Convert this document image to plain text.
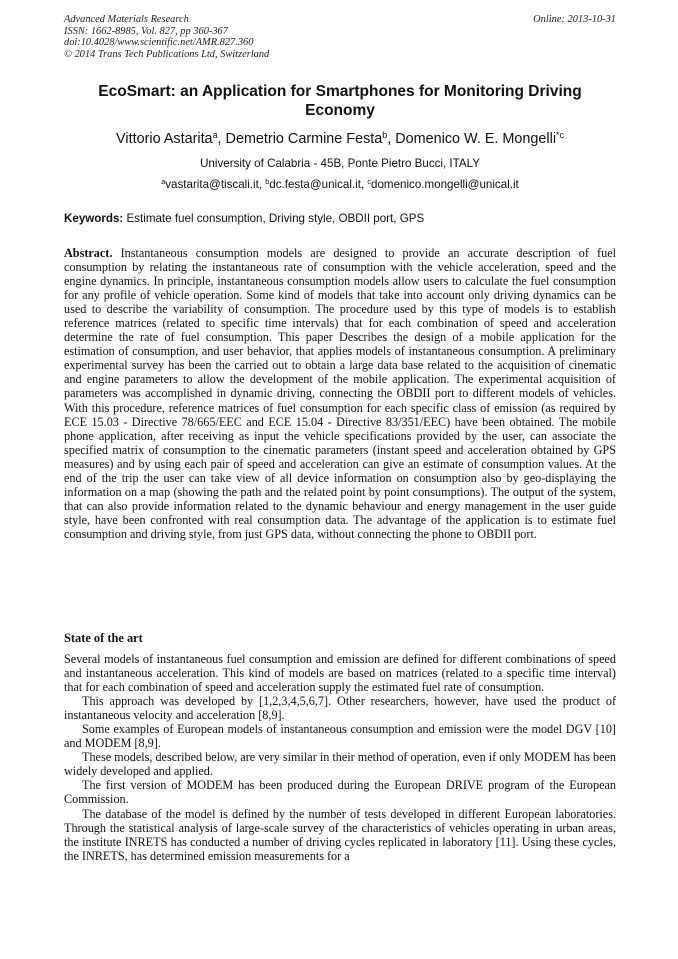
Advanced Materials Research
ISSN: 1662-8985, Vol. 827, pp 360-367
doi:10.4028/www.scientific.net/AMR.827.360
© 2014 Trans Tech Publications Ltd, Switzerland
Online: 2013-10-31
EcoSmart: an Application for Smartphones for Monitoring Driving Economy
Vittorio Astarita$^a$, Demetrio Carmine Festa$^b$, Domenico W. E. Mongelli$^{*c}$
University of Calabria - 45B, Ponte Pietro Bucci, ITALY
$^a$vastarita@tiscali.it, $^b$dc.festa@unical.it, $^c$domenico.mongelli@unical.it
Keywords: Estimate fuel consumption, Driving style, OBDII port, GPS
Abstract. Instantaneous consumption models are designed to provide an accurate description of fuel consumption by relating the instantaneous rate of consumption with the vehicle acceleration, speed and the engine dynamics. In principle, instantaneous consumption models allow users to calculate the fuel consumption for any profile of vehicle operation. Some kind of models that take into account only driving dynamics can be used to describe the variability of consumption. The procedure used by this type of models is to establish reference matrices (related to specific time intervals) that for each combination of speed and acceleration determine the rate of fuel consumption. This paper Describes the design of a mobile application for the estimation of consumption, and user behavior, that applies models of instantaneous consumption. A preliminary experimental survey has been the carried out to obtain a large data base related to the acquisition of cinematic and engine parameters to allow the development of the mobile application. The experimental acquisition of parameters was accomplished in dynamic driving, connecting the OBDII port to different models of vehicles. With this procedure, reference matrices of fuel consumption for each specific class of emission (as required by ECE 15.03 - Directive 78/665/EEC and ECE 15.04 - Directive 83/351/EEC) have been obtained. The mobile phone application, after receiving as input the vehicle specifications provided by the user, can associate the specified matrix of consumption to the cinematic parameters (instant speed and acceleration obtained by GPS measures) and by using each pair of speed and acceleration can give an estimate of consumption values. At the end of the trip the user can take view of all device information on consumption also by geo-displaying the information on a map (showing the path and the related point by point consumptions). The output of the system, that can also provide information related to the dynamic behaviour and energy management in the user guide style, have been confronted with real consumption data. The advantage of the application is to estimate fuel consumption and driving style, from just GPS data, without connecting the phone to OBDII port.
State of the art

Several models of instantaneous fuel consumption and emission are defined for different combinations of speed and instantaneous acceleration. This kind of models are based on matrices (related to a specific time interval) that for each combination of speed and acceleration supply the estimated fuel rate of consumption.

This approach was developed by [1,2,3,4,5,6,7]. Other researchers, however, have used the product of instantaneous velocity and acceleration [8,9].

Some examples of European models of instantaneous consumption and emission were the model DGV [10] and MODEM [8,9].

These models, described below, are very similar in their method of operation, even if only MODEM has been widely developed and applied.

The first version of MODEM has been produced during the European DRIVE program of the European Commission.

The database of the model is defined by the number of tests developed in different European laboratories. Through the statistical analysis of large-scale survey of the characteristics of vehicles operating in urban areas, the institute INRETS has conducted a number of driving cycles replicated in laboratory [11]. Using these cycles, the INRETS, has determined emission measurements for a
